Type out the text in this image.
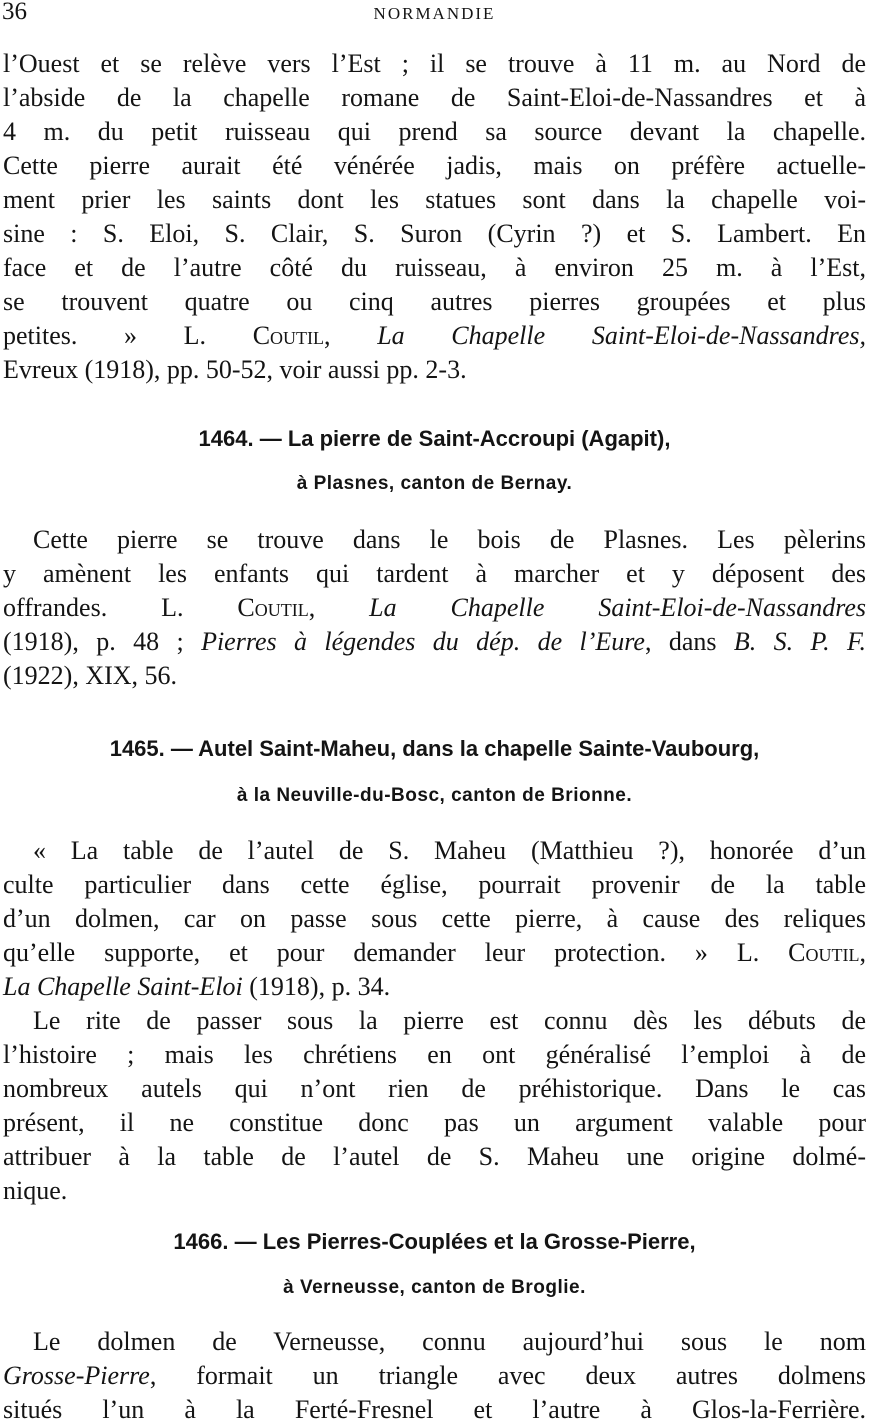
36	NORMANDIE
l’Ouest et se relève vers l’Est ; il se trouve à 11 m. au Nord de
l’abside de la chapelle romane de Saint-Eloi-de-Nassandres et à
4 m. du petit ruisseau qui prend sa source devant la chapelle.
Cette pierre aurait été vénérée jadis, mais on préfère actuelle-
ment prier les saints dont les statues sont dans la chapelle voi-
sine : S. Eloi, S. Clair, S. Suron (Cyrin ?) et S. Lambert. En
face et de l’autre côté du ruisseau, à environ 25 m. à l’Est,
se trouvent quatre ou cinq autres pierres groupées et plus
petites. » L. Coutil, La Chapelle Saint-Eloi-de-Nassandres,
Evreux (1918), pp. 50-52, voir aussi pp. 2-3.
1464. — La pierre de Saint-Accroupi (Agapit),
à Plasnes, canton de Bernay.
Cette pierre se trouve dans le bois de Plasnes. Les pèlerins
y amènent les enfants qui tardent à marcher et y déposent des
offrandes. L. Coutil, La Chapelle Saint-Eloi-de-Nassandres
(1918), p. 48 ; Pierres à légendes du dép. de l’Eure, dans B. S. P. F.
(1922), XIX, 56.
1465. — Autel Saint-Maheu, dans la chapelle Sainte-Vaubourg,
à la Neuville-du-Bosc, canton de Brionne.
« La table de l’autel de S. Maheu (Matthieu ?), honorée d’un
culte particulier dans cette église, pourrait provenir de la table
d’un dolmen, car on passe sous cette pierre, à cause des reliques
qu’elle supporte, et pour demander leur protection. » L. Coutil,
La Chapelle Saint-Eloi (1918), p. 34.
Le rite de passer sous la pierre est connu dès les débuts de
l’histoire ; mais les chrétiens en ont généralisé l’emploi à de
nombreux autels qui n’ont rien de préhistorique. Dans le cas
présent, il ne constitue donc pas un argument valable pour
attribuer à la table de l’autel de S. Maheu une origine dolmé-
nique.
1466. — Les Pierres-Couplées et la Grosse-Pierre,
à Verneusse, canton de Broglie.
Le dolmen de Verneusse, connu aujourd’hui sous le nom
Grosse-Pierre, formait un triangle avec deux autres dolmens
situés l’un à la Ferté-Fresnel et l’autre à Glos-la-Ferrière.
